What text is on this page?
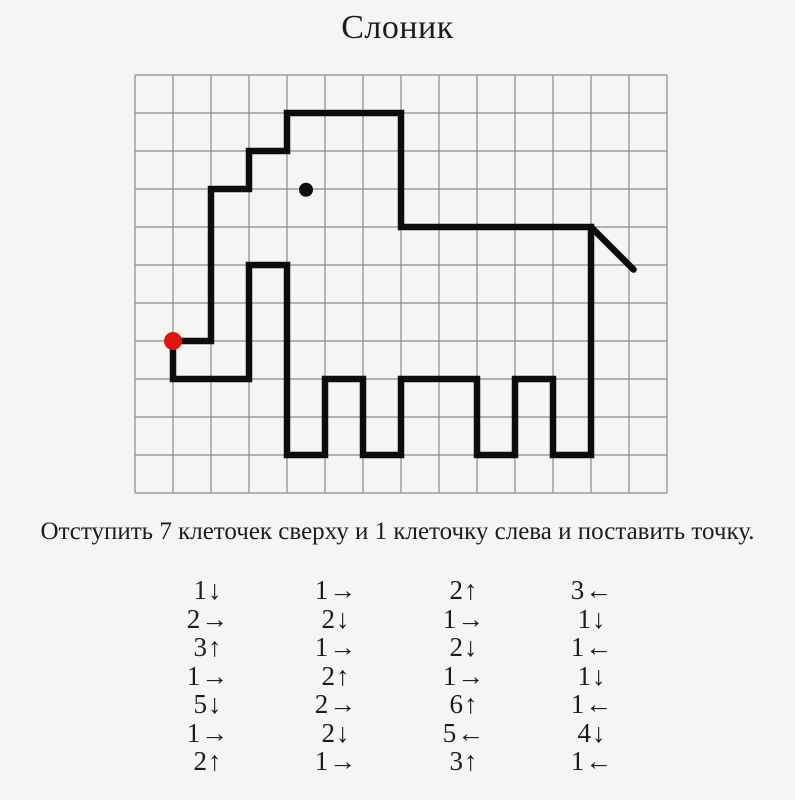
Слоник

Отступить 7 клеточек сверху и 1 клеточку слева и поставить точку.

1↓
2→
3↑
1→
5↓
1→
2↑
1→
2↓
1→
2↑
2→
2↓
1→
2↑
1→
2↓
1→
6↑
5←
3↑
3←
1↓
1←
1↓
1←
4↓
1←
